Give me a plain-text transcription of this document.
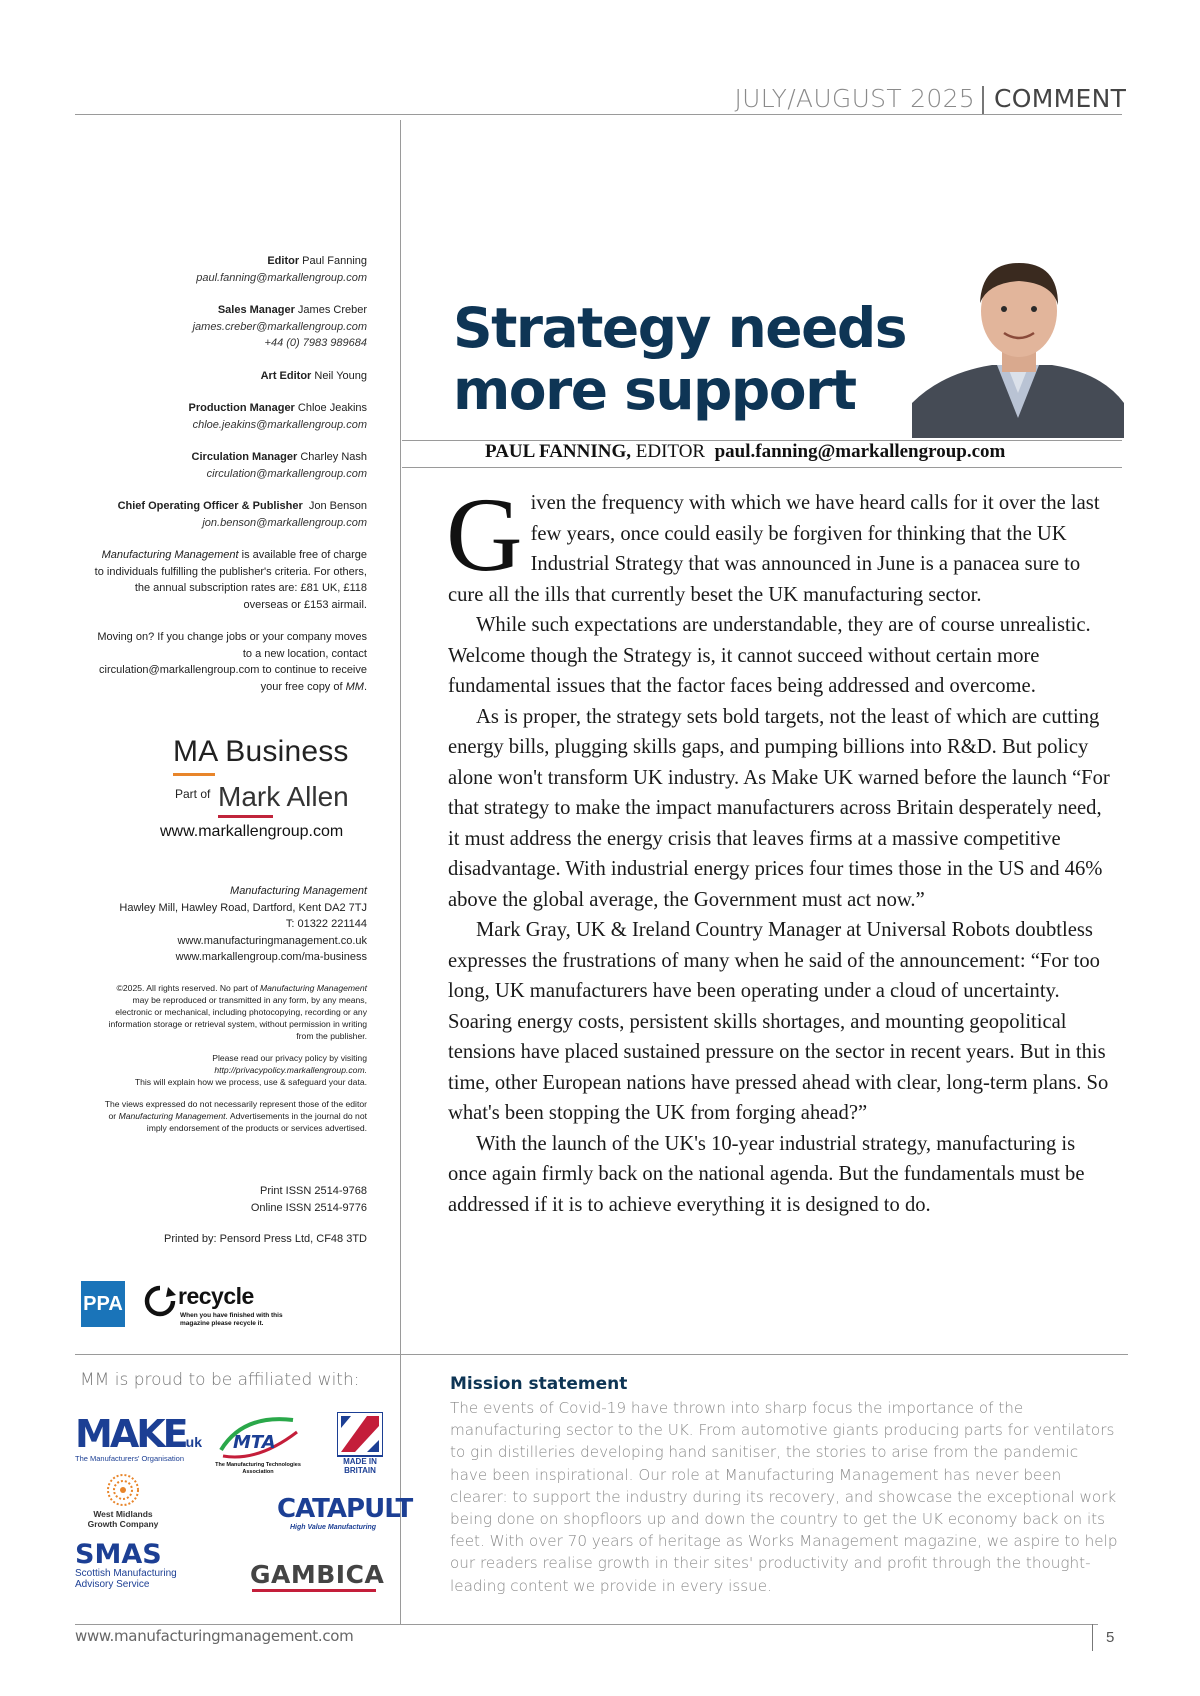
JULY/AUGUST 2025 COMMENT
Editor Paul Fanning
paul.fanning@markallengroup.com
Sales Manager James Creber
james.creber@markallengroup.com
+44 (0) 7983 989684
Art Editor Neil Young
Production Manager Chloe Jeakins
chloe.jeakins@markallengroup.com
Circulation Manager Charley Nash
circulation@markallengroup.com
Chief Operating Officer & Publisher Jon Benson
jon.benson@markallengroup.com
Manufacturing Management is available free of charge to individuals fulfilling the publisher's criteria. For others, the annual subscription rates are: £81 UK, £118 overseas or £153 airmail.
Moving on? If you change jobs or your company moves to a new location, contact circulation@markallengroup.com to continue to receive your free copy of MM.
MA Business
Part of Mark Allen
www.markallengroup.com
Manufacturing Management
Hawley Mill, Hawley Road, Dartford, Kent DA2 7TJ
T: 01322 221144
www.manufacturingmanagement.co.uk
www.markallengroup.com/ma-business

©2025. All rights reserved. No part of Manufacturing Management may be reproduced or transmitted in any form, by any means, electronic or mechanical, including photocopying, recording or any information storage or retrieval system, without permission in writing from the publisher.

Please read our privacy policy by visiting
http://privacypolicy.markallengroup.com.
This will explain how we process, use & safeguard your data.

The views expressed do not necessarily represent those of the editor or Manufacturing Management. Advertisements in the journal do not imply endorsement of the products or services advertised.

Print ISSN 2514-9768
Online ISSN 2514-9776
Printed by: Pensord Press Ltd, CF48 3TD
PPA recycle
When you have finished with this magazine please recycle it.
MM is proud to be affiliated with:
MAKEuk
The Manufacturers' Organisation
MTA
The Manufacturing Technologies Association
MADE IN BRITAIN
West Midlands Growth Company	CATAPULT
High Value Manufacturing
SMAS
Scottish Manufacturing Advisory Service	GAMBICA
Strategy needs
more support
PAUL FANNING, EDITOR paul.fanning@markallengroup.com

Given the frequency with which we have heard calls for it over the last few years, once could easily be forgiven for thinking that the UK Industrial Strategy that was announced in June is a panacea sure to cure all the ills that currently beset the UK manufacturing sector.

While such expectations are understandable, they are of course unrealistic. Welcome though the Strategy is, it cannot succeed without certain more fundamental issues that the factor faces being addressed and overcome.

As is proper, the strategy sets bold targets, not the least of which are cutting energy bills, plugging skills gaps, and pumping billions into R&D. But policy alone won't transform UK industry. As Make UK warned before the launch “For that strategy to make the impact manufacturers across Britain desperately need, it must address the energy crisis that leaves firms at a massive competitive disadvantage. With industrial energy prices four times those in the US and 46% above the global average, the Government must act now.”

Mark Gray, UK & Ireland Country Manager at Universal Robots doubtless expresses the frustrations of many when he said of the announcement: “For too long, UK manufacturers have been operating under a cloud of uncertainty. Soaring energy costs, persistent skills shortages, and mounting geopolitical tensions have placed sustained pressure on the sector in recent years. But in this time, other European nations have pressed ahead with clear, long-term plans. So what's been stopping the UK from forging ahead?”

With the launch of the UK's 10-year industrial strategy, manufacturing is once again firmly back on the national agenda. But the fundamentals must be addressed if it is to achieve everything it is designed to do.

Mission statement
The events of Covid-19 have thrown into sharp focus the importance of the manufacturing sector to the UK. From automotive giants producing parts for ventilators to gin distilleries developing hand sanitiser, the stories to arise from the pandemic have been inspirational. Our role at Manufacturing Management has never been clearer: to support the industry during its recovery, and showcase the exceptional work being done on shopfloors up and down the country to get the UK economy back on its feet. With over 70 years of heritage as Works Management magazine, we aspire to help our readers realise growth in their sites' productivity and profit through the thought-leading content we provide in every issue.
www.manufacturingmanagement.com	5
